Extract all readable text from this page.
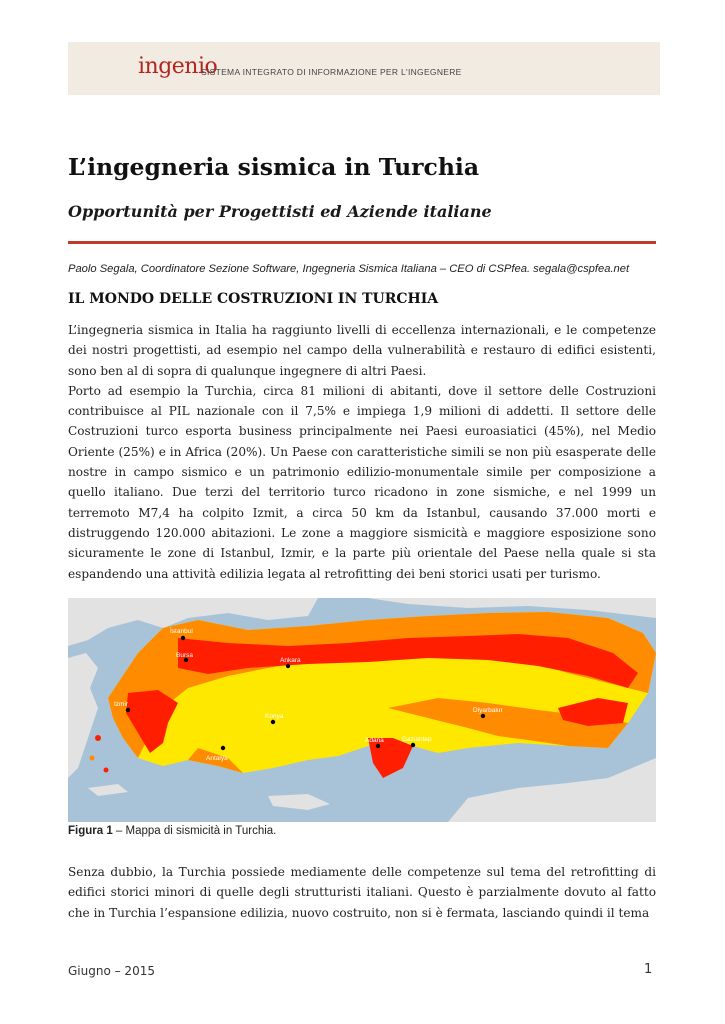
ingenio
SISTEMA INTEGRATO DI INFORMAZIONE PER L'INGEGNERE
L’ingegneria sismica in Turchia
Opportunità per Progettisti ed Aziende italiane
Paolo Segala, Coordinatore Sezione Software, Ingegneria Sismica Italiana – CEO di CSPfea. segala@cspfea.net
IL MONDO DELLE COSTRUZIONI IN TURCHIA
L’ingegneria sismica in Italia ha raggiunto livelli di eccellenza internazionali, e le competenze dei nostri progettisti, ad esempio nel campo della vulnerabilità e restauro di edifici esistenti, sono ben al di sopra di qualunque ingegnere di altri Paesi.
Porto ad esempio la Turchia, circa 81 milioni di abitanti, dove il settore delle Costruzioni contribuisce al PIL nazionale con il 7,5% e impiega 1,9 milioni di addetti. Il settore delle Costruzioni turco esporta business principalmente nei Paesi euroasiatici (45%), nel Medio Oriente (25%) e in Africa (20%). Un Paese con caratteristiche simili se non più esasperate delle nostre in campo sismico e un patrimonio edilizio-monumentale simile per composizione a quello italiano. Due terzi del territorio turco ricadono in zone sismiche, e nel 1999 un terremoto M7,4 ha colpito Izmit, a circa 50 km da Istanbul, causando 37.000 morti e distruggendo 120.000 abitazioni. Le zone a maggiore sismicità e maggiore esposizione sono sicuramente le zone di Istanbul, Izmir, e la parte più orientale del Paese nella quale si sta espandendo una attività edilizia legata al retrofitting dei beni storici usati per turismo.
İstanbul
Bursa
Ankara
Izmir
Konya
Antalya
Adana	Gaziantep
Diyarbakır
Figura 1 – Mappa di sismicità in Turchia.

Senza dubbio, la Turchia possiede mediamente delle competenze sul tema del retrofitting di edifici storici minori di quelle degli strutturisti italiani. Questo è parzialmente dovuto al fatto che in Turchia l’espansione edilizia, nuovo costruito, non si è fermata, lasciando quindi il tema

Giugno – 2015	1
